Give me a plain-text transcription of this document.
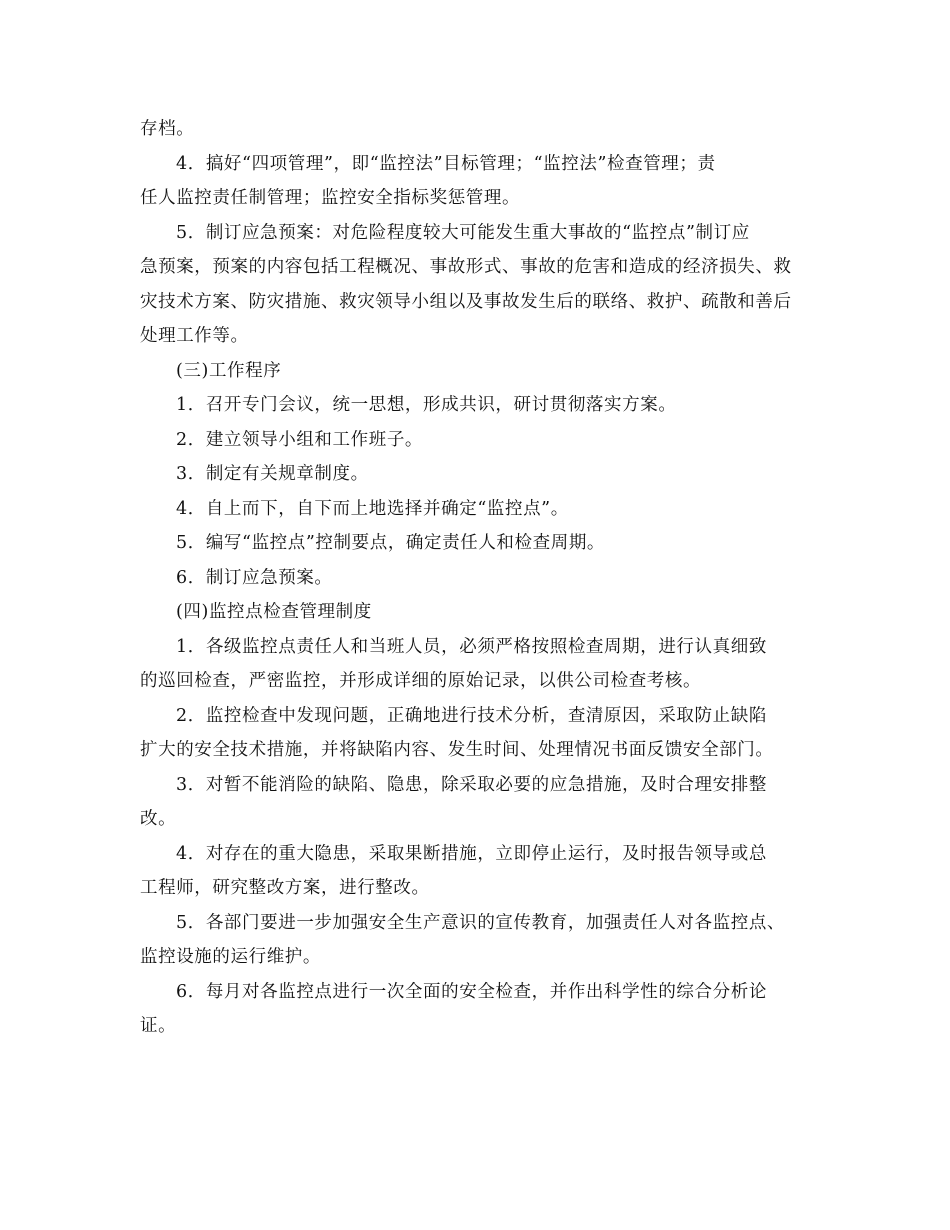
存档。
4．搞好“四项管理”，即“监控法”目标管理；“监控法”检查管理；责
任人监控责任制管理；监控安全指标奖惩管理。
5．制订应急预案：对危险程度较大可能发生重大事故的“监控点”制订应
急预案，预案的内容包括工程概况、事故形式、事故的危害和造成的经济损失、救
灾技术方案、防灾措施、救灾领导小组以及事故发生后的联络、救护、疏散和善后
处理工作等。
(三)工作程序
1．召开专门会议，统一思想，形成共识，研讨贯彻落实方案。
2．建立领导小组和工作班子。
3．制定有关规章制度。
4．自上而下，自下而上地选择并确定“监控点”。
5．编写“监控点”控制要点，确定责任人和检查周期。
6．制订应急预案。
(四)监控点检查管理制度
1．各级监控点责任人和当班人员，必须严格按照检查周期，进行认真细致
的巡回检查，严密监控，并形成详细的原始记录，以供公司检查考核。
2．监控检查中发现问题，正确地进行技术分析，查清原因，采取防止缺陷
扩大的安全技术措施，并将缺陷内容、发生时间、处理情况书面反馈安全部门。
3．对暂不能消险的缺陷、隐患，除采取必要的应急措施，及时合理安排整
改。
4．对存在的重大隐患，采取果断措施，立即停止运行，及时报告领导或总
工程师，研究整改方案，进行整改。
5．各部门要进一步加强安全生产意识的宣传教育，加强责任人对各监控点、
监控设施的运行维护。
6．每月对各监控点进行一次全面的安全检查，并作出科学性的综合分析论
证。
